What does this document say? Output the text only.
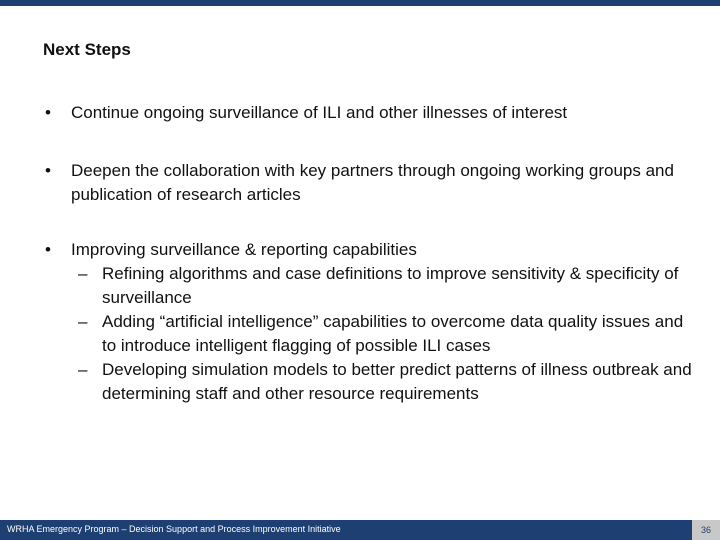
Next Steps
• Continue ongoing surveillance of ILI and other illnesses of interest
• Deepen the collaboration with key partners through ongoing working groups and publication of research articles
• Improving surveillance & reporting capabilities
– Refining algorithms and case definitions to improve sensitivity & specificity of surveillance
– Adding “artificial intelligence” capabilities to overcome data quality issues and to introduce intelligent flagging of possible ILI cases
– Developing simulation models to better predict patterns of illness outbreak and determining staff and other resource requirements
WRHA Emergency Program – Decision Support and Process Improvement Initiative	36
